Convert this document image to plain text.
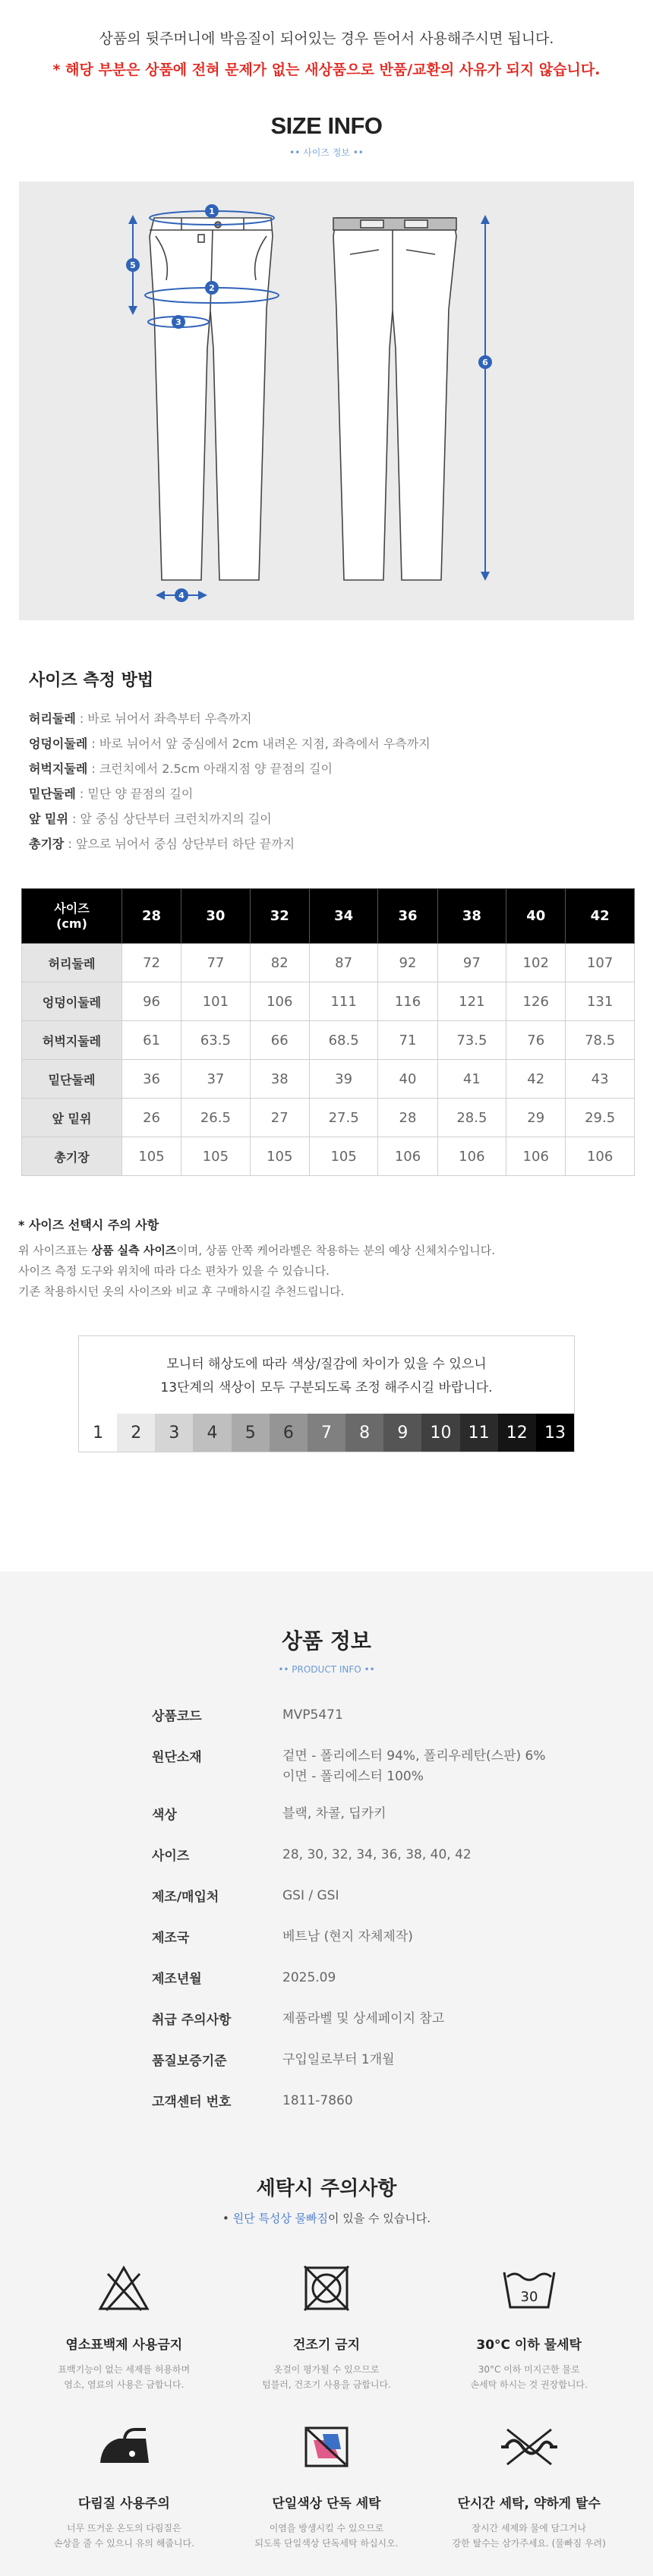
상품의 뒷주머니에 박음질이 되어있는 경우 뜯어서 사용해주시면 됩니다.
* 해당 부분은 상품에 전혀 문제가 없는 새상품으로 반품/교환의 사유가 되지 않습니다.
SIZE INFO
•• 사이즈 정보 ••
1
2
3
4
5
6
사이즈 측정 방법
허리둘레 : 바로 뉘어서 좌측부터 우측까지
엉덩이둘레 : 바로 뉘어서 앞 중심에서 2cm 내려온 지점, 좌측에서 우측까지
허벅지둘레 : 크런치에서 2.5cm 아래지점 양 끝점의 길이
밑단둘레 : 밑단 양 끝점의 길이
앞 밑위 : 앞 중심 상단부터 크런치까지의 길이
총기장 : 앞으로 뉘어서 중심 상단부터 하단 끝까지
사이즈
(cm)	28	30	32	34	36	38	40	42
허리둘레	72	77	82	87	92	97	102	107
엉덩이둘레	96	101	106	111	116	121	126	131
허벅지둘레	61	63.5	66	68.5	71	73.5	76	78.5
밑단둘레	36	37	38	39	40	41	42	43
앞 밑위	26	26.5	27	27.5	28	28.5	29	29.5
총기장	105	105	105	105	106	106	106	106
* 사이즈 선택시 주의 사항
위 사이즈표는 상품 실측 사이즈이며, 상품 안쪽 케어라벨은 착용하는 분의 예상 신체치수입니다.
사이즈 측정 도구와 위치에 따라 다소 편차가 있을 수 있습니다.
기존 착용하시던 옷의 사이즈와 비교 후 구매하시길 추천드립니다.
모니터 해상도에 따라 색상/질감에 차이가 있을 수 있으니
13단계의 색상이 모두 구분되도록 조정 해주시길 바랍니다.
1	2	3	4	5	6	7	8	9	10	11	12	13
상품 정보
•• PRODUCT INFO ••
상품코드	MVP5471
원단소재	겉면 - 폴리에스터 94%, 폴리우레탄(스판) 6%
이면 - 폴리에스터 100%
색상	블랙, 차콜, 딥카키
사이즈	28, 30, 32, 34, 36, 38, 40, 42
제조/매입처	GSI / GSI
제조국	베트남 (현지 자체제작)
제조년월	2025.09
취급 주의사항	제품라벨 및 상세페이지 참고
품질보증기준	구입일로부터 1개월
고객센터 번호	1811-7860
세탁시 주의사항
• 원단 특성상 물빠짐이 있을 수 있습니다.
염소표백제 사용금지
표백기능이 없는 세제를 허용하며
염소, 염료의 사용은 금합니다.
건조기 금지
옷걸이 평가될 수 있으므로
텀블러, 건조기 사용을 금합니다.
30
30°C 이하 물세탁
30°C 이하 미지근한 물로
손세탁 하시는 것 권장합니다.
다림질 사용주의
너무 뜨거운 온도의 다림질은
손상을 줄 수 있으니 유의 해줍니다.
단일색상 단독 세탁
이염을 방생시킬 수 있으므로
되도록 단일색상 단독세탁 하십시오.
단시간 세탁, 약하게 탈수
장시간 세제와 물에 담그거나
강한 탈수는 삼가주세요. (물빠짐 우려)
